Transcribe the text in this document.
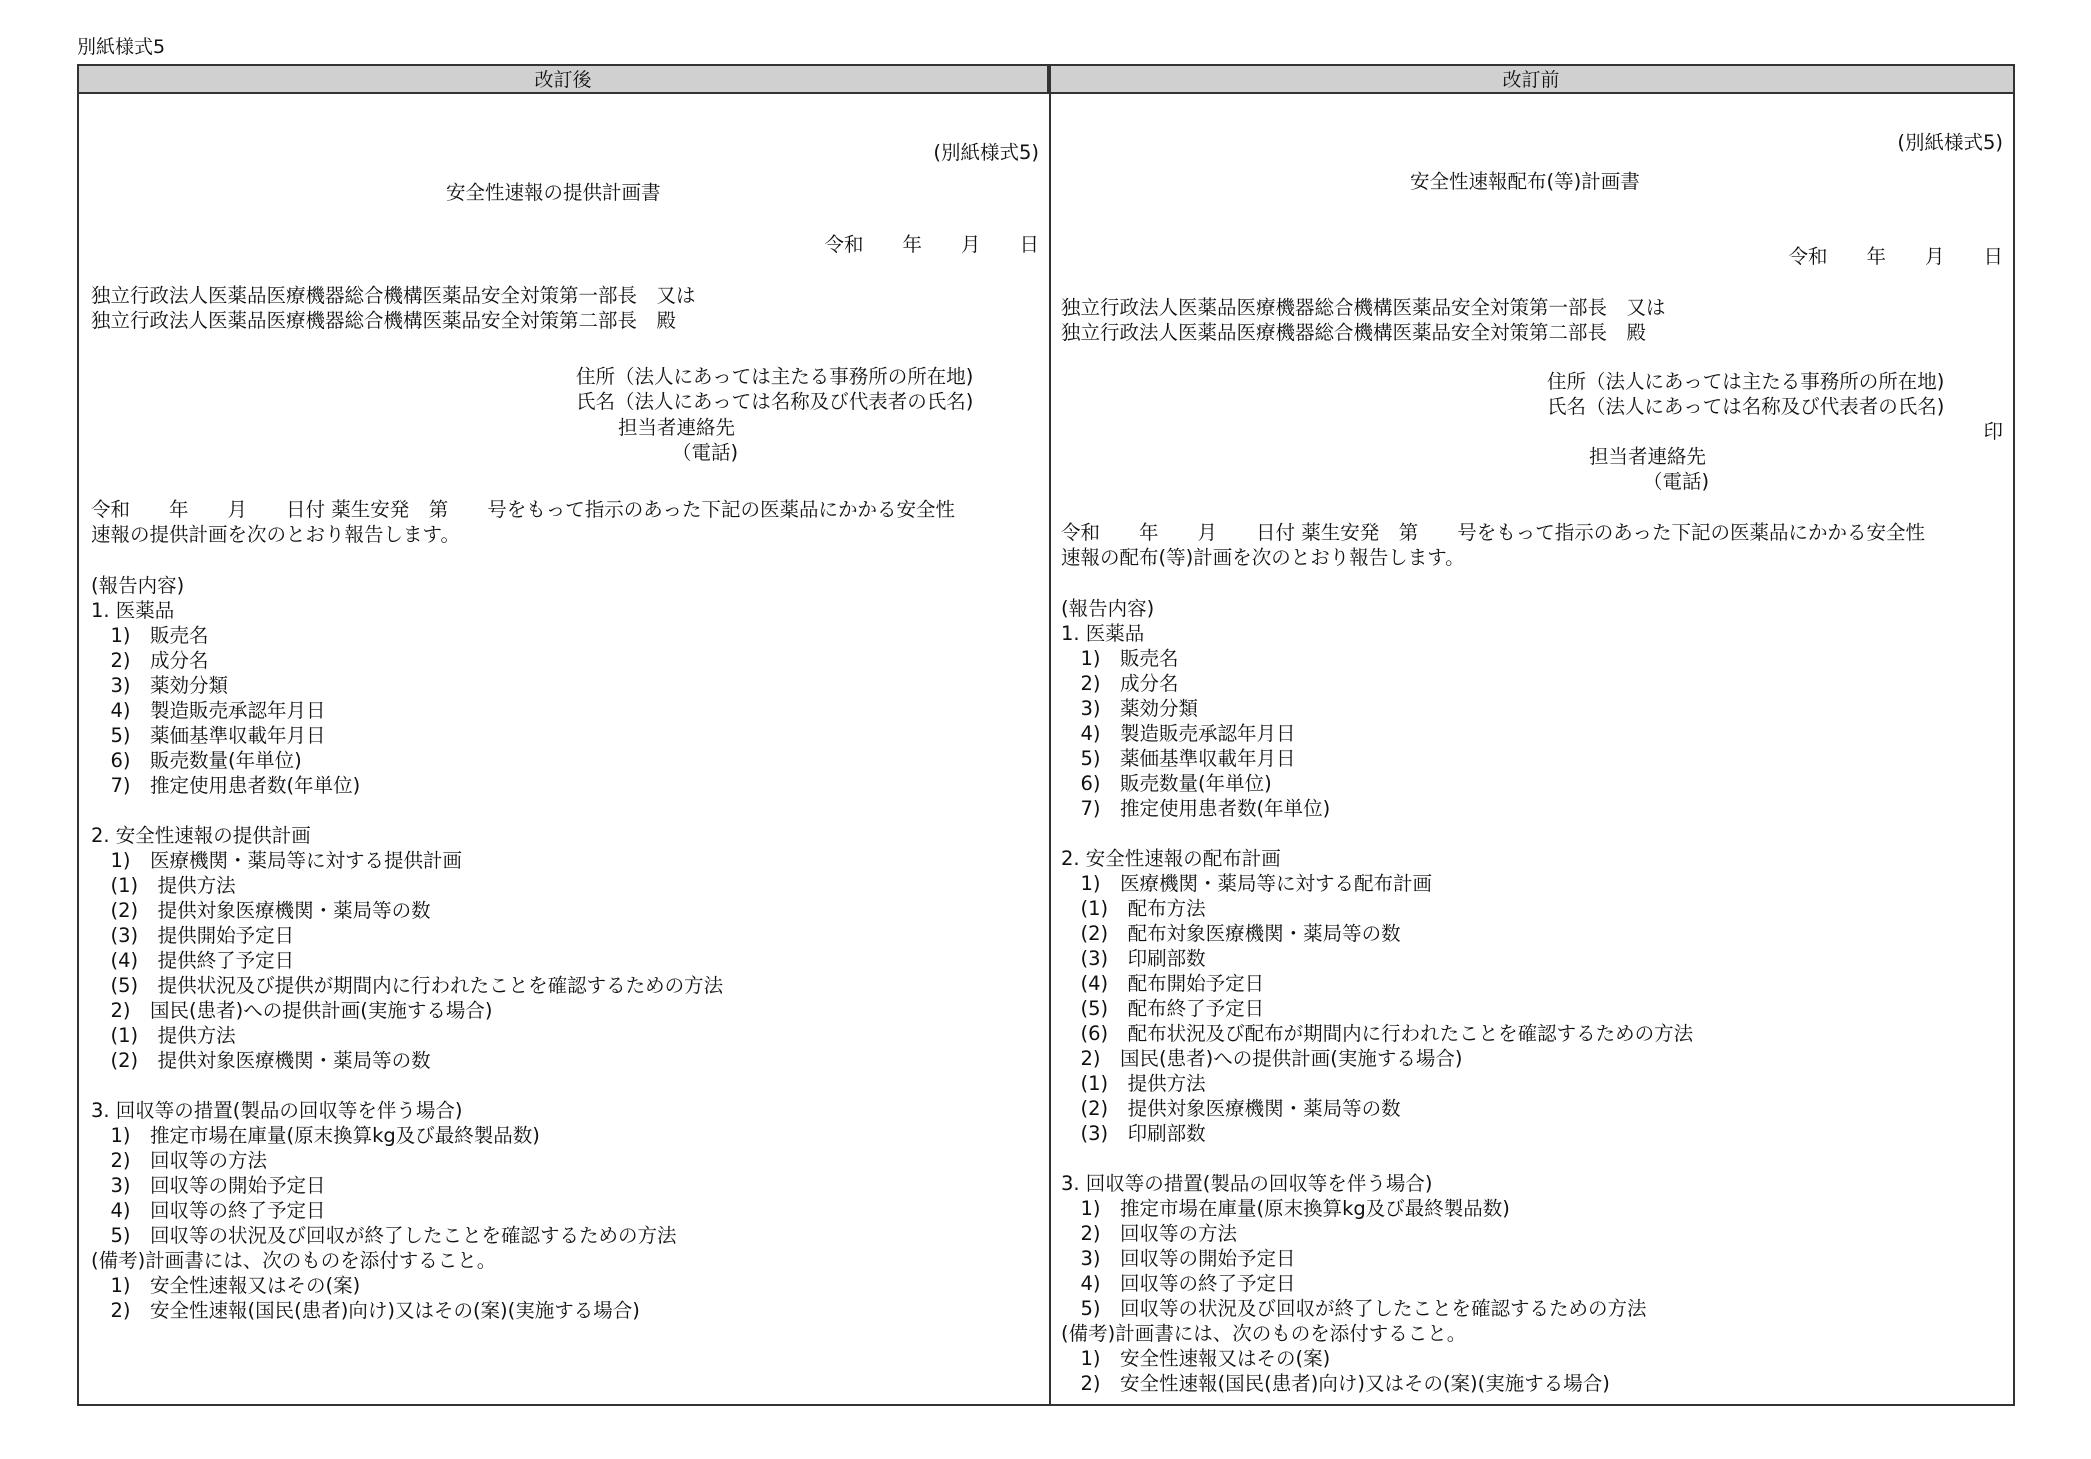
別紙様式5
改訂後	改訂前
(別紙様式5)
安全性速報の提供計画書
令和　　年　　月　　日
独立行政法人医薬品医療機器総合機構医薬品安全対策第一部長　又は
独立行政法人医薬品医療機器総合機構医薬品安全対策第二部長　殿
住所（法人にあっては主たる事務所の所在地)
氏名（法人にあっては名称及び代表者の氏名)
担当者連絡先
（電話)
令和　　年　　月　　日付 薬生安発　第　　号をもって指示のあった下記の医薬品にかかる安全性
速報の提供計画を次のとおり報告します。
(報告内容)
1. 医薬品
　1)　販売名
　2)　成分名
　3)　薬効分類
　4)　製造販売承認年月日
　5)　薬価基準収載年月日
　6)　販売数量(年単位)
　7)　推定使用患者数(年単位)
2. 安全性速報の提供計画
　1)　医療機関・薬局等に対する提供計画
　(1)　提供方法
　(2)　提供対象医療機関・薬局等の数
　(3)　提供開始予定日
　(4)　提供終了予定日
　(5)　提供状況及び提供が期間内に行われたことを確認するための方法
　2)　国民(患者)への提供計画(実施する場合)
　(1)　提供方法
　(2)　提供対象医療機関・薬局等の数
3. 回収等の措置(製品の回収等を伴う場合)
　1)　推定市場在庫量(原末換算kg及び最終製品数)
　2)　回収等の方法
　3)　回収等の開始予定日
　4)　回収等の終了予定日
　5)　回収等の状況及び回収が終了したことを確認するための方法
(備考)計画書には、次のものを添付すること。
　1)　安全性速報又はその(案)
　2)　安全性速報(国民(患者)向け)又はその(案)(実施する場合)
(別紙様式5)
安全性速報配布(等)計画書
令和　　年　　月　　日
独立行政法人医薬品医療機器総合機構医薬品安全対策第一部長　又は
独立行政法人医薬品医療機器総合機構医薬品安全対策第二部長　殿
住所（法人にあっては主たる事務所の所在地)
氏名（法人にあっては名称及び代表者の氏名)
印
担当者連絡先
（電話)
令和　　年　　月　　日付 薬生安発　第　　号をもって指示のあった下記の医薬品にかかる安全性
速報の配布(等)計画を次のとおり報告します。
(報告内容)
1. 医薬品
　1)　販売名
　2)　成分名
　3)　薬効分類
　4)　製造販売承認年月日
　5)　薬価基準収載年月日
　6)　販売数量(年単位)
　7)　推定使用患者数(年単位)
2. 安全性速報の配布計画
　1)　医療機関・薬局等に対する配布計画
　(1)　配布方法
　(2)　配布対象医療機関・薬局等の数
　(3)　印刷部数
　(4)　配布開始予定日
　(5)　配布終了予定日
　(6)　配布状況及び配布が期間内に行われたことを確認するための方法
　2)　国民(患者)への提供計画(実施する場合)
　(1)　提供方法
　(2)　提供対象医療機関・薬局等の数
　(3)　印刷部数
3. 回収等の措置(製品の回収等を伴う場合)
　1)　推定市場在庫量(原末換算kg及び最終製品数)
　2)　回収等の方法
　3)　回収等の開始予定日
　4)　回収等の終了予定日
　5)　回収等の状況及び回収が終了したことを確認するための方法
(備考)計画書には、次のものを添付すること。
　1)　安全性速報又はその(案)
　2)　安全性速報(国民(患者)向け)又はその(案)(実施する場合)
